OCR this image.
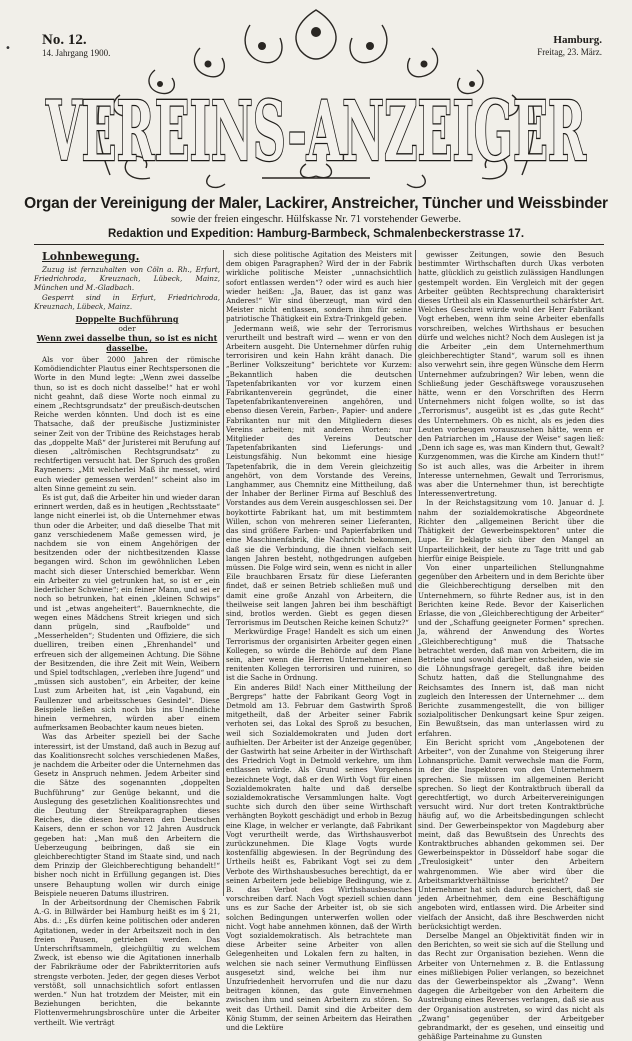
•
No. 12.
14. Jahrgang 1900.
Hamburg.
Freitag, 23. März.
VEREINS-ANZEIGER
Organ der Vereinigung der Maler, Lackirer, Anstreicher, Tüncher und Weissbinder
sowie der freien eingeschr. Hülfskasse Nr. 71 vorstehender Gewerbe.
Redaktion und Expedition: Hamburg-Barmbeck, Schmalenbeckerstrasse 17.
Lohnbewegung.

Zuzug ist fernzuhalten von Cöln a. Rh., Erfurt, Friedrichroda, Kreuznach, Lübeck, Mainz, München und M.-Gladbach.

Gesperrt sind in Erfurt, Friedrichroda, Kreuznach, Lübeck, Mainz.

Doppelte Buchführung
oder
Wenn zwei dasselbe thun, so ist es nicht dasselbe.

Als vor über 2000 Jahren der römische Komödiendichter Plautus einer Rechtspersonen die Worte in den Mund legte: „Wenn zwei dasselbe thun, so ist es doch nicht dasselbe!“ hat er wohl nicht geahnt, daß diese Worte noch einmal zu einem „Rechtsgrundsatz“ der preußisch-deutschen Reiche werden könnten. Und doch ist es eine Thatsache, daß der preußische Justizminister seiner Zeit von der Tribüne des Reichstages herab das „doppelte Maß“ der Juristerei mit Berufung auf diesen „altrömischen Rechtsgrundsatz“ zu rechtfertigen versucht hat. Der Spruch des großen Rayneners: „Mit welcherlei Maß ihr messet, wird euch wieder gemessen werden!“ scheint also im alten Sinne gemeint zu sein.

Es ist gut, daß die Arbeiter hin und wieder daran erinnert werden, daß es in heutigen „Rechtsstaate“ lange nicht einerlei ist, ob die Unternehmer etwas thun oder die Arbeiter, und daß dieselbe That mit ganz verschiedenem Maße gemessen wird, je nachdem sie von einem Angehörigen der besitzenden oder der nichtbesitzenden Klasse begangen wird. Schon im gewöhnlichen Leben macht sich dieser Unterschied bemerkbar. Wenn ein Arbeiter zu viel getrunken hat, so ist er „ein liederlicher Schweine“; ein feiner Mann, und sei er noch so betrunken, hat einen „kleinen Schwips“ und ist „etwas angeheitert“. Bauernknechte, die wegen eines Mädchens Streit kriegen und sich dann prügeln, sind „Raufbolde“ und „Messerhelden“; Studenten und Offiziere, die sich duelliren, treiben einen „Ehrenhandel“ und erfreuen sich der allgemeinen Achtung. Die Söhne der Besitzenden, die ihre Zeit mit Wein, Weibern und Spiel todtschlagen, „verleben ihre Jugend“ und „müssen sich austoben“, ein Arbeiter, der keine Lust zum Arbeiten hat, ist „ein Vagabund, ein Faullenzer und arbeitsscheues Gesindel“. Diese Beispiele ließen sich noch bis ins Unendliche hinein vermehren, würden aber einem aufmerksamen Beobachter kaum neues bieten.

Was das Arbeiter speziell bei der Sache interessirt, ist der Umstand, daß auch in Bezug auf das Koalitionsrecht solches verschiedenen Maßes, je nachdem die Arbeiter oder die Unternehmen das Gesetz in Anspruch nehmen. Jedem Arbeiter sind die Sätze des sogenannten „doppelten Buchführung“ zur Genüge bekannt, und die Auslegung des gesetzlichen Koalitionsrechtes und die Deutung der Streikparagraphen dieses Reiches, die diesen bewahren den Deutschen Kaisers, denn er schon vor 12 Jahren Ausdruck gegeben hat: „Man muß den Arbeitern die Ueberzeugung beibringen, daß sie ein gleichberechtigter Stand im Staate sind, und nach dem Prinzip der Gleichberechtigung behandelt!“ bisher noch nicht in Erfüllung gegangen ist. Dies unsere Behauptung wollen wir durch einige Beispiele neueren Datums illustriren.

In der Arbeitsordnung der Chemischen Fabrik A.-G. in Billwärder bei Hamburg heißt es im § 21, Abs. d.: „Es dürfen keine politischen oder anderen Agitationen, weder in der Arbeitszeit noch in den freien Pausen, getrieben werden. Das Unterschriftsammeln, gleichgültig zu welchem Zweck, ist ebenso wie die Agitationen innerhalb der Fabrikräume oder der Fabrikterritorien aufs strengste verboten. Jeder, der gegen dieses Verbot verstößt, soll unnachsichtlich sofort entlassen werden.“ Nun hat trotzdem der Meister, mit ein Beziehungen berichten, die bekannte Flottenvermehrungsbroschüre unter die Arbeiter vertheilt. Wie verträgt

sich diese politische Agitation des Meisters mit dem obigen Paragraphen? Wird der in der Fabrik wirkliche politische Meister „unnachsichtlich sofort entlassen werden“? oder wird es auch hier wieder heißen: „Ja, Bauer, das ist ganz was Anderes!“ Wir sind überzeugt, man wird den Meister nicht entlassen, sondern ihm für seine patriotische Thätigkeit ein Extra-Trinkgeld geben.

Jedermann weiß, wie sehr der Terrorismus verurtheilt und bestraft wird — wenn er von den Arbeitern ausgeht. Die Unternehmer dürfen ruhig terrorisiren und kein Hahn kräht danach. Die „Berliner Volkszeitung“ berichtete vor Kurzem: „Bekanntlich haben die deutschen Tapetenfabrikanten vor vor kurzem einen Fabrikantenverein gegründet, die einer Tapetenfabrikantenvereinen angehören, und ebenso diesen Verein, Farben-, Papier- und andere Fabrikanten nur mit den Mitgliedern dieses Vereins arbeiten; mit anderen Worten: nur Mitglieder des Vereins Deutscher Tapetenfabrikanten sind Lieferungs- und Leistungsfähig. Nun bekommt eine hiesige Tapetenfabrik, die in dem Verein gleichzeitig angehört, von dem Vorstande des Vereins, Langhammer, aus Chemnitz eine Mittheilung, daß der Inhaber der Berliner Firma auf Beschluß des Vorstandes aus dem Verein ausgeschlossen sei. Der boykottirte Fabrikant hat, um mit bestimmtem Willen, schon von mehreren seiner Lieferanten, das sind größere Farben- und Papierfabriken und eine Maschinenfabrik, die Nachricht bekommen, daß sie die Verbindung, die ihnen vielfach seit langen Jahren besteht, nothgedrungen aufgeben müssen. Die Folge wird sein, wenn es nicht in aller Eile brauchbaren Ersatz für diese Lieferanten findet, daß er seinen Betrieb schließen muß und damit eine große Anzahl von Arbeitern, die theilweise seit langen Jahren bei ihm beschäftigt sind, brotlos werden. Giebt es gegen diesen Terrorismus im Deutschen Reiche keinen Schutz?“

Merkwürdige Frage! Handelt es sich um einen Terrorismus der organisirten Arbeiter gegen einen Kollegen, so würde die Behörde auf dem Plane sein, aber wenn die Herren Unternehmer einen renitenten Kollegen terrorisiren und ruiniren, so ist die Sache in Ordnung.

Ein anderes Bild! Nach einer Mittheilung der „Bergreps“ hatte der Fabrikant Georg Vogt in Detmold am 13. Februar dem Gastwirth Sproß mitgetheilt, daß der Arbeiter seiner Fabrik verhoten sei, das Lokal des Sproß zu besuchen, weil sich Sozialdemokraten und Juden dort aufhielten. Der Arbeiter ist der Anzeige gegenüber, der Gastwirth hat seine Arbeiter in der Wirthschaft des Friedrich Vogt in Detmold verkehre, um ihm entlassen würde. Als Grund seines Vorgehens bezeichnete Vogt, daß er den Wirth Vogt für einen Sozialdemokraten halte und daß derselbe sozialdemokratische Versammlungen halte. Vogt suchte sich durch den über seine Wirthschaft verhängten Boykott geschädigt und erhob in Bezug eine Klage, in welcher er verlangte, daß Fabrikant Vogt verurtheilt werde, das Wirthshausverbot zurückzunehmen. Die Klage Vogts wurde kostenfällig abgewiesen. In der Begründung des Urtheils heißt es, Fabrikant Vogt sei zu dem Verbote des Wirthshausbesuches berechtigt, da er seinen Arbeitern jede beliebige Bedingung, wie z. B. das Verbot des Wirthshausbesuches vorschreiben darf. Nach Vogt speziell schien dann uns es zur Sache der Arbeiter ist, ob sie sich solchen Bedingungen unterwerfen wollen oder nicht. Vogt habe annehmen können, daß der Wirth Vogt sozialdemokratisch. Als betrachtete man diese Arbeiter seine Arbeiter von allen Gelegenheiten und Lokalen fern zu halten, in welchen sie nach seiner Vermuthung Einflüssen ausgesetzt sind, welche bei ihm nur Unzufriedenheit hervorrufen und die nur dazu beitragen können, das gute Einvernehmen zwischen ihm und seinen Arbeitern zu stören. So weit das Urtheil. Damit sind die Arbeiter dem König Stumm, der seinen Arbeitern das Heirathen und die Lektüre

gewisser Zeitungen, sowie den Besuch bestimmter Wirthschaften durch Ukas verboten hatte, glücklich zu geistlich zulässigen Handlungen gestempelt worden. Ein Vergleich mit der gegen Arbeiter geübten Rechtsprechung charakterisirt dieses Urtheil als ein Klassenurtheil schärfster Art. Welches Geschrei würde wohl der Herr Fabrikant Vogt erheben, wenn ihm seine Arbeiter ebenfalls vorschreiben, welches Wirthshaus er besuchen dürfe und welches nicht? Noch dem Auslegen ist ja die Arbeiter „ein dem Unternehmerthum gleichberechtigter Stand“, warum soll es ihnen also verwehrt sein, ihre gegen Wünsche dem Herrn Unternehmer aufzubringen? Wir leben, wenn die Schließung jeder Geschäftswege vorauszusehen hätte, wenn er den Vorschriften des Herrn Unternehmers nicht folgen wollte, so ist das „Terrorismus“, ausgeübt ist es „das gute Recht“ des Unternehmers. Ob es nicht, als es jeden dies Leuten vorbeugen vorauszusehen hätte, wenn er den Patriarchen im „Hause der Weise“ sagen ließ: „Denn ich sage es, was man Kindern thut, Gewalt? Kurzgenommen, was die Kirche am Kindern thut!“ So ist auch alles, was die Arbeiter in ihrem Interesse unternehmen, Gewalt und Terrorismus, was aber die Unternehmer thun, ist berechtigte Interessenvertretung.

In der Reichstagsitzung vom 10. Januar d. J. nahm der sozialdemokratische Abgeordnete Richter den „allgemeinen Bericht über die Thätigkeit der Gewerbeinspektoren“ unter die Lupe. Er beklagte sich über den Mangel an Unparteilichkeit, der heute zu Tage tritt und gab hierfür einige Beispiele.

Von einer unparteilichen Stellungnahme gegenüber den Arbeitern und in dem Berichte über die Gleichberechtigung derselben mit den Unternehmern, so führte Redner aus, ist in den Berichten keine Rede. Bevor der Kaiserlichen Erlasse, die von „Gleichberechtigung der Arbeiter“ und der „Schaffung geeigneter Formen“ sprechen. Ja, während der Anwendung des Wortes „Gleichberechtigung“ muß die Thatsache betrachtet werden, daß man von Arbeitern, die im Betriebe und sowohl darüber entscheiden, wie sie die Löhnungsfrage geregelt, daß ihre beiden Schutz hatten, daß die Stellungnahme des Reichsamtes des Innern ist, daß man nicht zugleich den Interessen der Unternehmer ... dem Berichte zusammengestellt, die von billiger sozialpolitischer Denkungsart keine Spur zeigen. Ein Bewußtsein, das man unterlassen wird zu erfahren.

Ein Bericht spricht vom „Angebotenen der Arbeiter“, von der Zunahme von Steigerung ihrer Lohnansprüche. Damit verwechsle man die Form, in der die Inspektoren von den Unternehmern sprechen. Sie müssen im allgemeinen Bericht sprechen. So liegt der Kontraktbruch überall da gerechtfertigt, wo durch Arbeitervereinigungen versucht wird. Nur dort treten Kontraktbrüche häufig auf, wo die Arbeitsbedingungen schlecht sind. Der Gewerbeinspektor von Magdeburg aber meint, daß das Bewußtsein des Unrechts des Kontraktbruches abhanden gekommen sei. Der Gewerbeinspektor in Düsseldorf habe sogar die „Treulosigkeit“ unter den Arbeitern wahrgenommen. Wie aber wird über die Arbeitsmarktverhältnisse berichtet? Der Unternehmer hat sich dadurch gesichert, daß sie jeden Arbeitnehmer, dem eine Beschäftigung angeboten wird, entlassen wird. Die Arbeiter sind vielfach der Ansicht, daß ihre Beschwerden nicht berücksichtigt werden.

Derselbe Mangel an Objektivität finden wir in den Berichten, so weit sie sich auf die Stellung und das Recht zur Organisation beziehen. Wenn die Arbeiter von Unternehmen z. B. die Entlassung eines mißliebigen Polier verlangen, so bezeichnet das der Gewerbeinspektor als „Zwang“. Wenn dagegen die Arbeitgeber von den Arbeitern die Austreibung eines Reverses verlangen, daß sie aus der Organisation austreten, so wird das nicht als „Zwang“ gegenüber der Arbeitgeber gebrandmarkt, der es gesehen, und einseitig und gehäßige Parteinahme zu Gunsten
